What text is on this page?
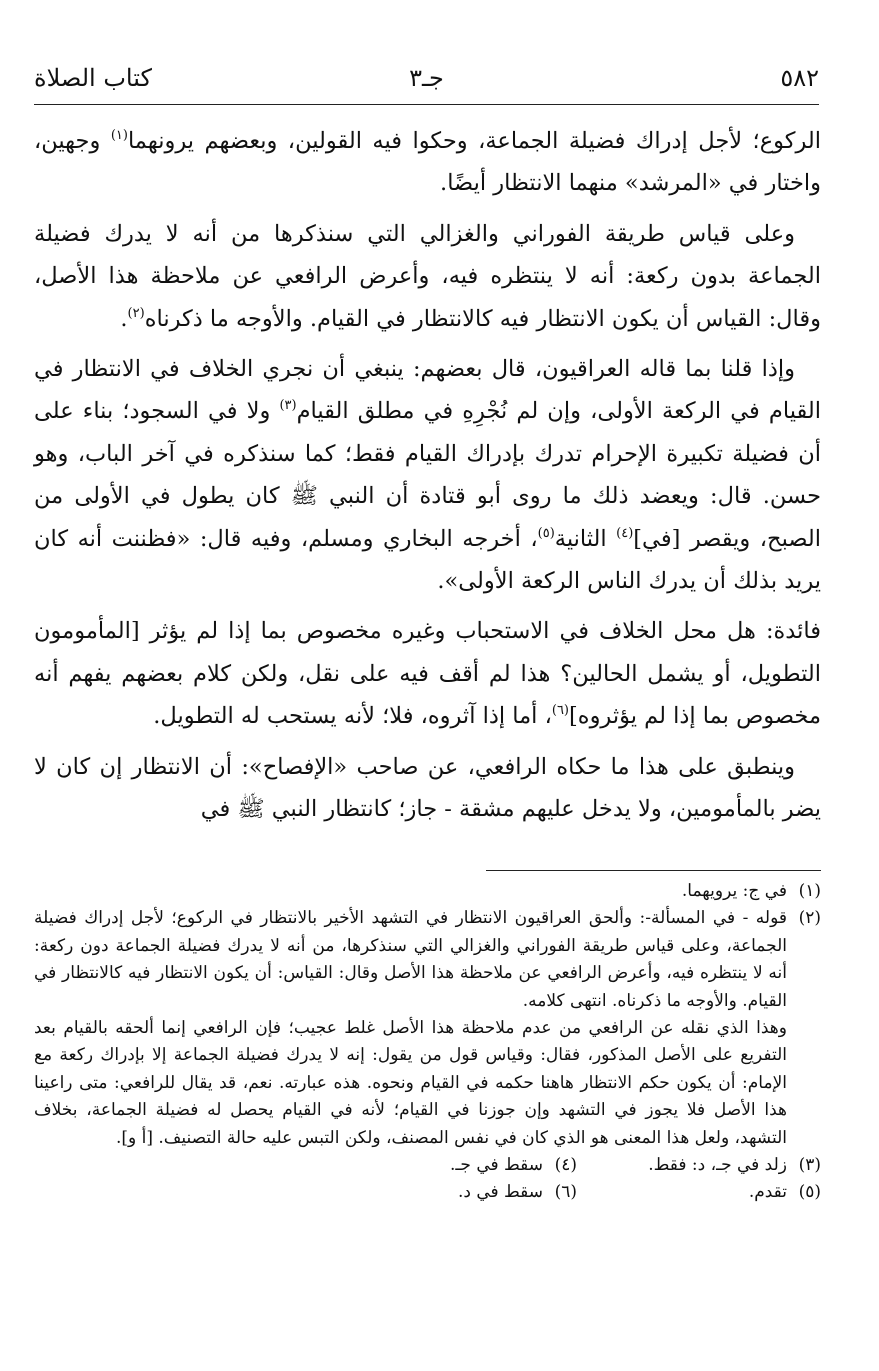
٥٨٢
جـ٣
كتاب الصلاة

الركوع؛ لأجل إدراك فضيلة الجماعة، وحكوا فيه القولين، وبعضهم يرونهما$^{(١)}$ وجهين، واختار في «المرشد» منهما الانتظار أيضًا.

وعلى قياس طريقة الفوراني والغزالي التي سنذكرها من أنه لا يدرك فضيلة الجماعة بدون ركعة: أنه لا ينتظره فيه، وأعرض الرافعي عن ملاحظة هذا الأصل، وقال: القياس أن يكون الانتظار فيه كالانتظار في القيام. والأوجه ما ذكرناه$^{(٢)}$.

وإذا قلنا بما قاله العراقيون، قال بعضهم: ينبغي أن نجري الخلاف في الانتظار في القيام في الركعة الأولى، وإن لم نُجْرِهِ في مطلق القيام$^{(٣)}$ ولا في السجود؛ بناء على أن فضيلة تكبيرة الإحرام تدرك بإدراك القيام فقط؛ كما سنذكره في آخر الباب، وهو حسن. قال: ويعضد ذلك ما روى أبو قتادة أن النبي ﷺ كان يطول في الأولى من الصبح، ويقصر [في]$^{(٤)}$ الثانية$^{(٥)}$، أخرجه البخاري ومسلم، وفيه قال: «فظننت أنه كان يريد بذلك أن يدرك الناس الركعة الأولى».

فائدة: هل محل الخلاف في الاستحباب وغيره مخصوص بما إذا لم يؤثر [المأمومون التطويل، أو يشمل الحالين؟ هذا لم أقف فيه على نقل، ولكن كلام بعضهم يفهم أنه مخصوص بما إذا لم يؤثروه]$^{(٦)}$، أما إذا آثروه، فلا؛ لأنه يستحب له التطويل.

وينطبق على هذا ما حكاه الرافعي، عن صاحب «الإفصاح»: أن الانتظار إن كان لا يضر بالمأمومين، ولا يدخل عليهم مشقة - جاز؛ كانتظار النبي ﷺ في

(١)
في ج: يرويهما.
(٢)
قوله - في المسألة-: وألحق العراقيون الانتظار في التشهد الأخير بالانتظار في الركوع؛ لأجل إدراك فضيلة الجماعة، وعلى قياس طريقة الفوراني والغزالي التي سنذكرها، من أنه لا يدرك فضيلة الجماعة دون ركعة: أنه لا ينتظره فيه، وأعرض الرافعي عن ملاحظة هذا الأصل وقال: القياس: أن يكون الانتظار فيه كالانتظار في القيام. والأوجه ما ذكرناه. انتهى كلامه.
وهذا الذي نقله عن الرافعي من عدم ملاحظة هذا الأصل غلط عجيب؛ فإن الرافعي إنما ألحقه بالقيام بعد التفريع على الأصل المذكور، فقال: وقياس قول من يقول: إنه لا يدرك فضيلة الجماعة إلا بإدراك ركعة مع الإمام: أن يكون حكم الانتظار هاهنا حكمه في القيام ونحوه. هذه عبارته. نعم، قد يقال للرافعي: متى راعينا هذا الأصل فلا يجوز في التشهد وإن جوزنا في القيام؛ لأنه في القيام يحصل له فضيلة الجماعة، بخلاف التشهد، ولعل هذا المعنى هو الذي كان في نفس المصنف، ولكن التبس عليه حالة التصنيف. [أ و].
(٣)
زلد في جـ، د: فقط.
(٤)
سقط في جـ.
(٥)
تقدم.
(٦)
سقط في د.
